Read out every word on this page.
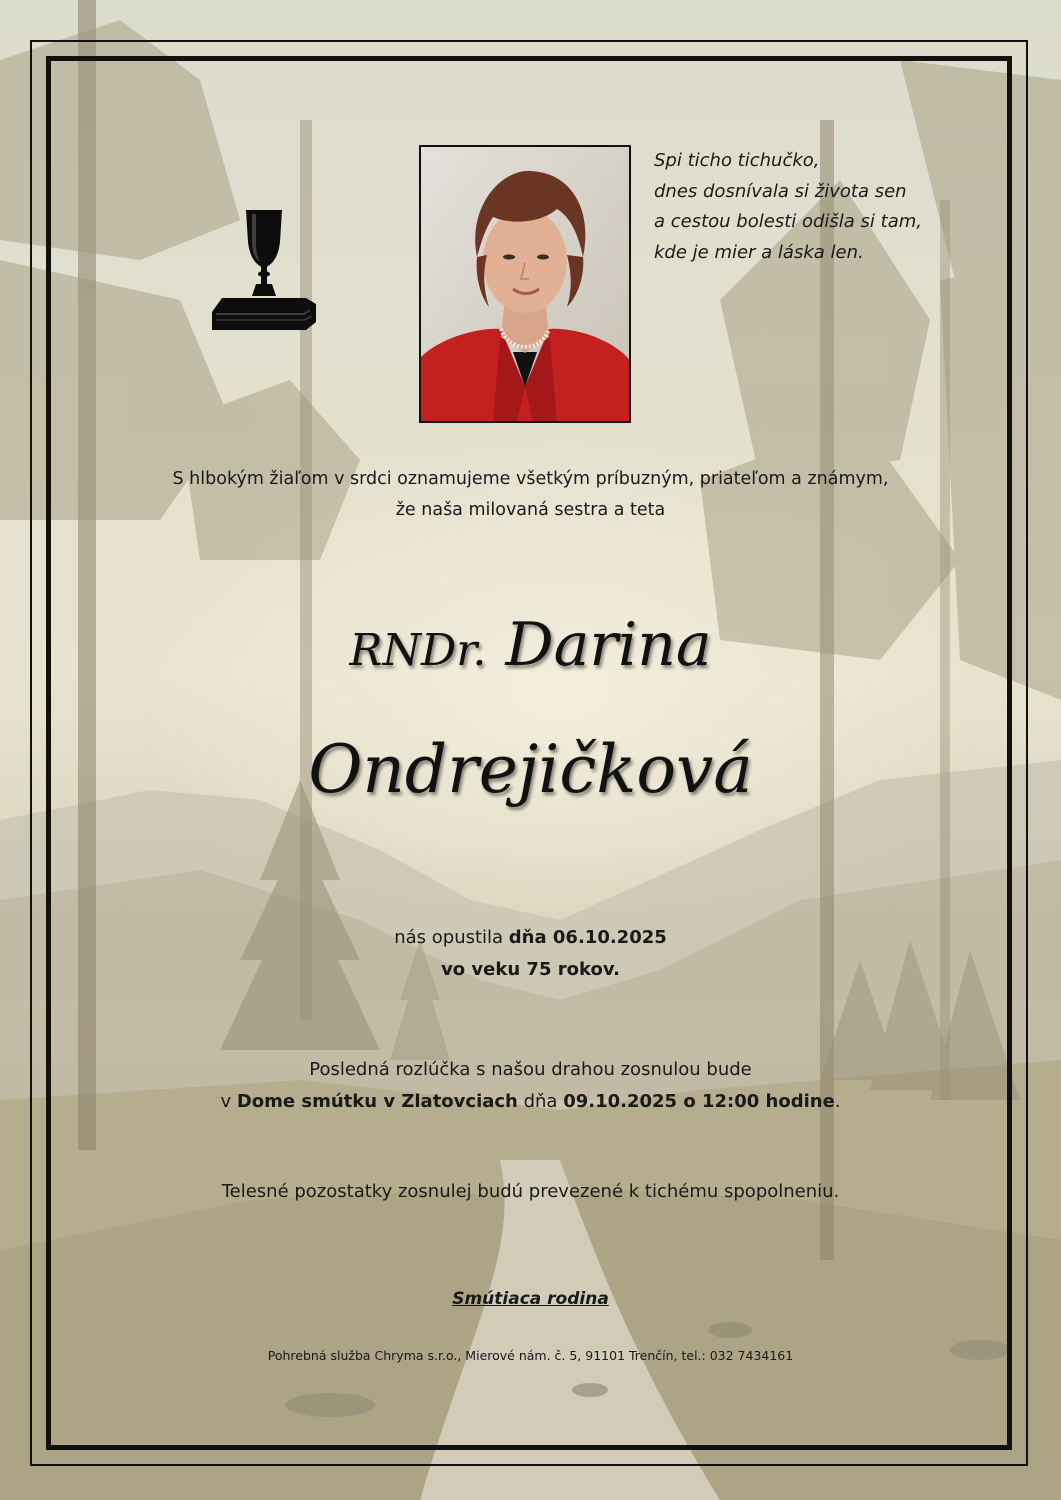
Spi ticho tichučko,
dnes dosnívala si života sen
a cestou bolesti odišla si tam,
kde je mier a láska len.
S hlbokým žiaľom v srdci oznamujeme všetkým príbuzným, priateľom a známym,
že naša milovaná sestra a teta
RNDr. Darina
Ondrejičková
nás opustila dňa 06.10.2025
vo veku 75 rokov.
Posledná rozlúčka s našou drahou zosnulou bude
v Dome smútku v Zlatovciach dňa 09.10.2025 o 12:00 hodine.
Telesné pozostatky zosnulej budú prevezené k tichému spopolneniu.
Smútiaca rodina
Pohrebná služba Chryma s.r.o., Mierové nám. č. 5, 91101 Trenčín, tel.: 032 7434161
